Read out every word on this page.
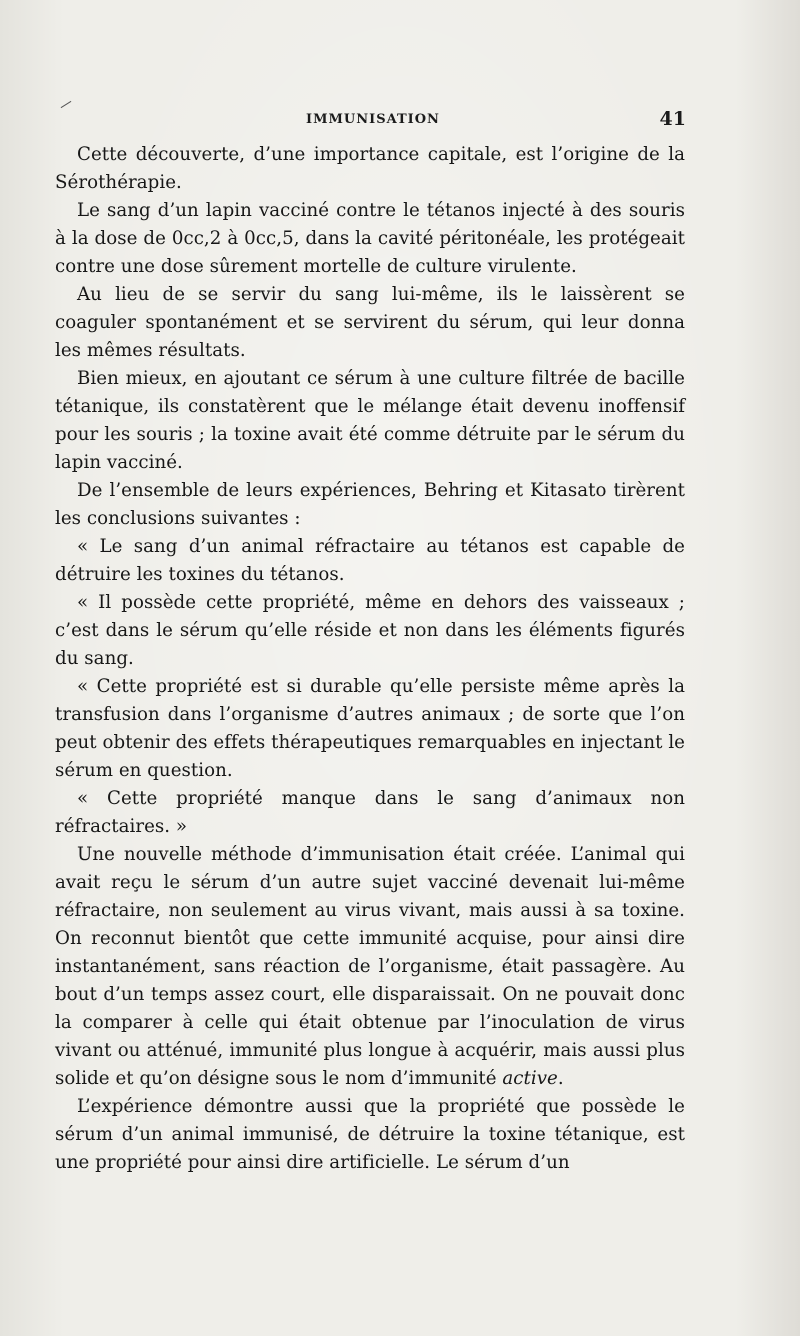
IMMUNISATION	41

Cette découverte, d’une importance capitale, est l’origine de la Sérothérapie.

Le sang d’un lapin vacciné contre le tétanos injecté à des souris à la dose de 0cc,2 à 0cc,5, dans la cavité péritonéale, les protégeait contre une dose sûrement mortelle de culture virulente.

Au lieu de se servir du sang lui-même, ils le laissèrent se coaguler spontanément et se servirent du sérum, qui leur donna les mêmes résultats.

Bien mieux, en ajoutant ce sérum à une culture filtrée de bacille tétanique, ils constatèrent que le mélange était devenu inoffensif pour les souris ; la toxine avait été comme détruite par le sérum du lapin vacciné.

De l’ensemble de leurs expériences, Behring et Kitasato tirèrent les conclusions suivantes :

« Le sang d’un animal réfractaire au tétanos est capable de détruire les toxines du tétanos.

« Il possède cette propriété, même en dehors des vaisseaux ; c’est dans le sérum qu’elle réside et non dans les éléments figurés du sang.

« Cette propriété est si durable qu’elle persiste même après la transfusion dans l’organisme d’autres animaux ; de sorte que l’on peut obtenir des effets thérapeutiques remarquables en injectant le sérum en question.

« Cette propriété manque dans le sang d’animaux non réfractaires. »

Une nouvelle méthode d’immunisation était créée. L’animal qui avait reçu le sérum d’un autre sujet vacciné devenait lui-même réfractaire, non seulement au virus vivant, mais aussi à sa toxine. On reconnut bientôt que cette immunité acquise, pour ainsi dire instantanément, sans réaction de l’organisme, était passagère. Au bout d’un temps assez court, elle disparaissait. On ne pouvait donc la comparer à celle qui était obtenue par l’inoculation de virus vivant ou atténué, immunité plus longue à acquérir, mais aussi plus solide et qu’on désigne sous le nom d’immunité active.

L’expérience démontre aussi que la propriété que possède le sérum d’un animal immunisé, de détruire la toxine tétanique, est une propriété pour ainsi dire artificielle. Le sérum d’un
